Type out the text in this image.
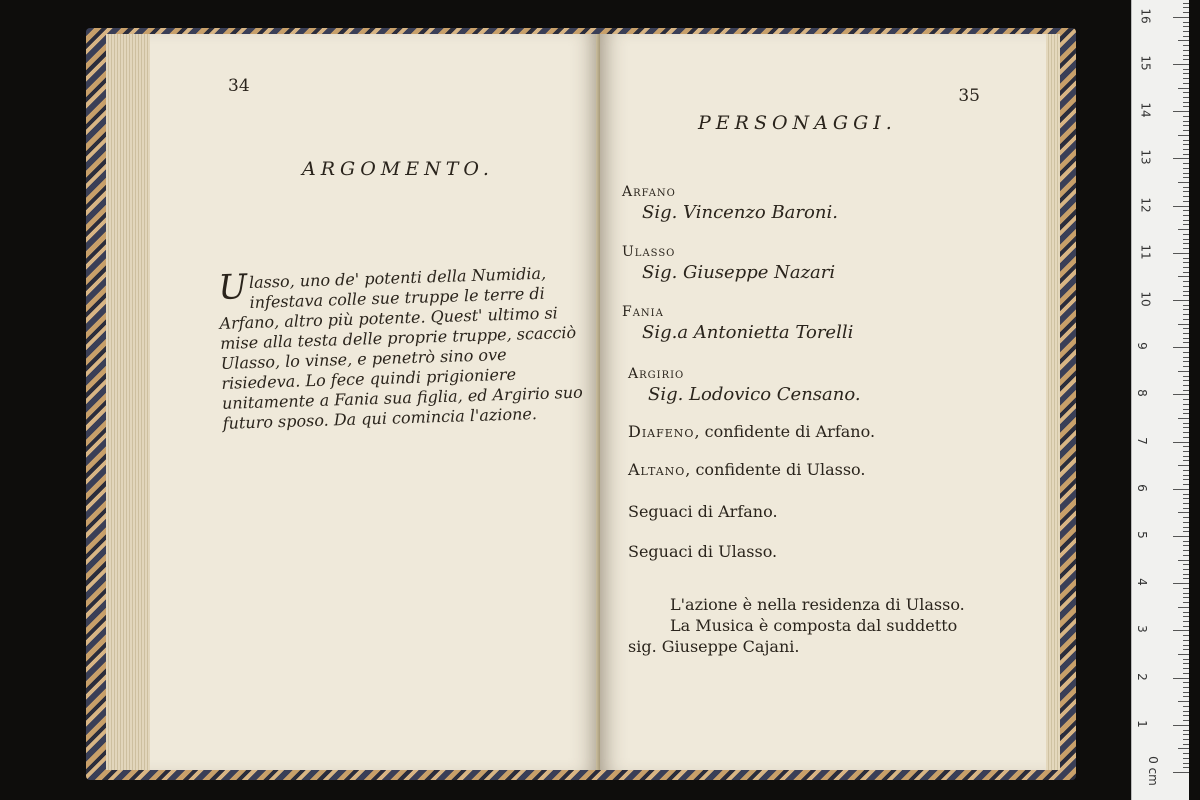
34
ARGOMENTO.
Ulasso, uno de' potenti della Numidia, infestava colle sue truppe le terre di Arfano, altro più potente. Quest' ultimo si mise alla testa delle proprie truppe, scacciò Ulasso, lo vinse, e penetrò sino ove risiedeva. Lo fece quindi prigioniere unitamente a Fania sua figlia, ed Argirio suo futuro sposo. Da qui comincia l'azione.
35
PERSONAGGI.
Arfano
Sig. Vincenzo Baroni.
Ulasso
Sig. Giuseppe Nazari
Fania
Sig.a Antonietta Torelli
Argirio
Sig. Lodovico Censano.
Diafeno, confidente di Arfano.
Altano, confidente di Ulasso.
Seguaci di Arfano.
Seguaci di Ulasso.
L'azione è nella residenza di Ulasso.
La Musica è composta dal suddetto
sig. Giuseppe Cajani.
0 cm
1
2
3
4
5
6
7
8
9
10
11
12
13
14
15
16
